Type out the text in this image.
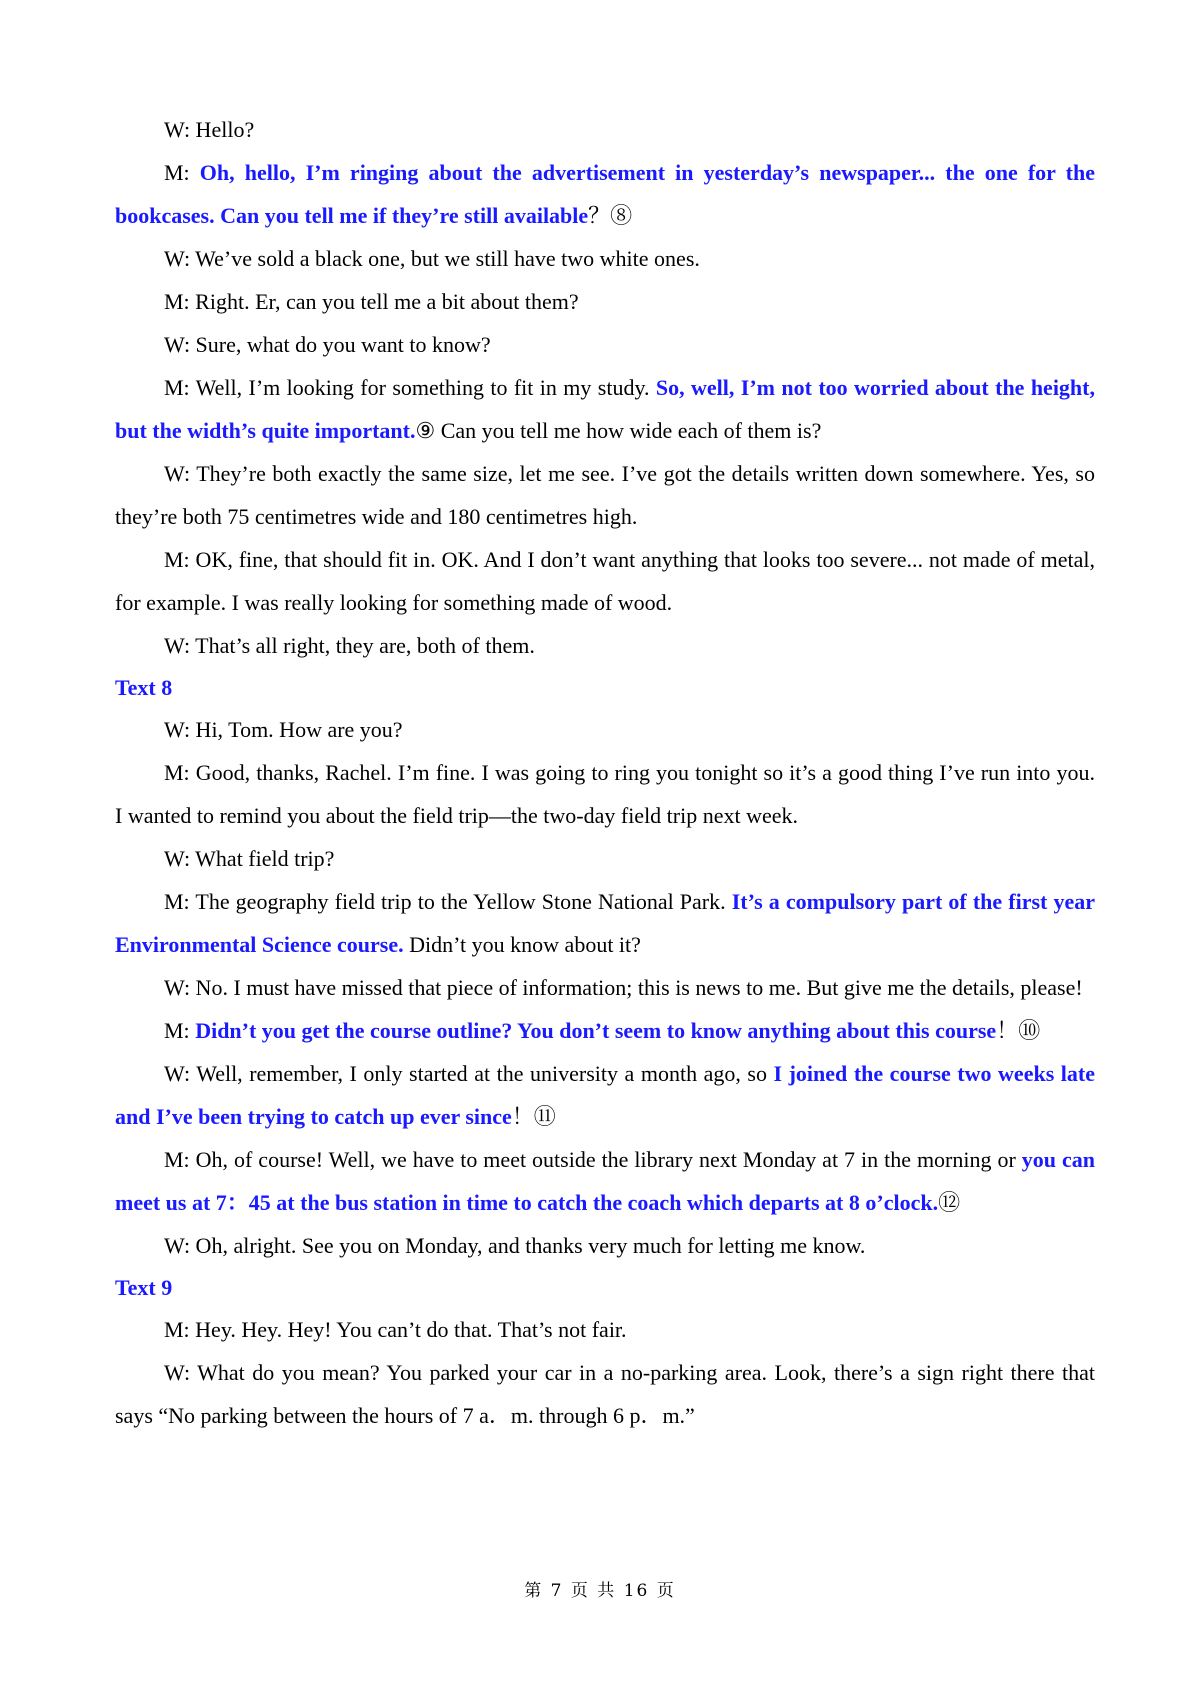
W: Hello?

M: Oh, hello, I’m ringing about the advertisement in yesterday’s newspaper... the one for the bookcases. Can you tell me if they’re still available？⑧

W: We’ve sold a black one, but we still have two white ones.

M: Right. Er, can you tell me a bit about them?

W: Sure, what do you want to know?

M: Well, I’m looking for something to fit in my study. So, well, I’m not too worried about the height, but the width’s quite important.⑨ Can you tell me how wide each of them is?

W: They’re both exactly the same size, let me see. I’ve got the details written down somewhere. Yes, so they’re both 75 centimetres wide and 180 centimetres high.

M: OK, fine, that should fit in. OK. And I don’t want anything that looks too severe... not made of metal, for example. I was really looking for something made of wood.

W: That’s all right, they are, both of them.

Text 8

W: Hi, Tom. How are you?

M: Good, thanks, Rachel. I’m fine. I was going to ring you tonight so it’s a good thing I’ve run into you. I wanted to remind you about the field trip—the two-day field trip next week.

W: What field trip?

M: The geography field trip to the Yellow Stone National Park. It’s a compulsory part of the first year Environmental Science course. Didn’t you know about it?

W: No. I must have missed that piece of information; this is news to me. But give me the details, please!

M: Didn’t you get the course outline? You don’t seem to know anything about this course！⑩

W: Well, remember, I only started at the university a month ago, so I joined the course two weeks late and I’ve been trying to catch up ever since！⑪

M: Oh, of course! Well, we have to meet outside the library next Monday at 7 in the morning or you can meet us at 7：45 at the bus station in time to catch the coach which departs at 8 o’clock.⑫

W: Oh, alright. See you on Monday, and thanks very much for letting me know.

Text 9

M: Hey. Hey. Hey! You can’t do that. That’s not fair.

W: What do you mean? You parked your car in a no-parking area. Look, there’s a sign right there that says “No parking between the hours of 7 a．m. through 6 p．m.”

第 7 页 共 16 页
